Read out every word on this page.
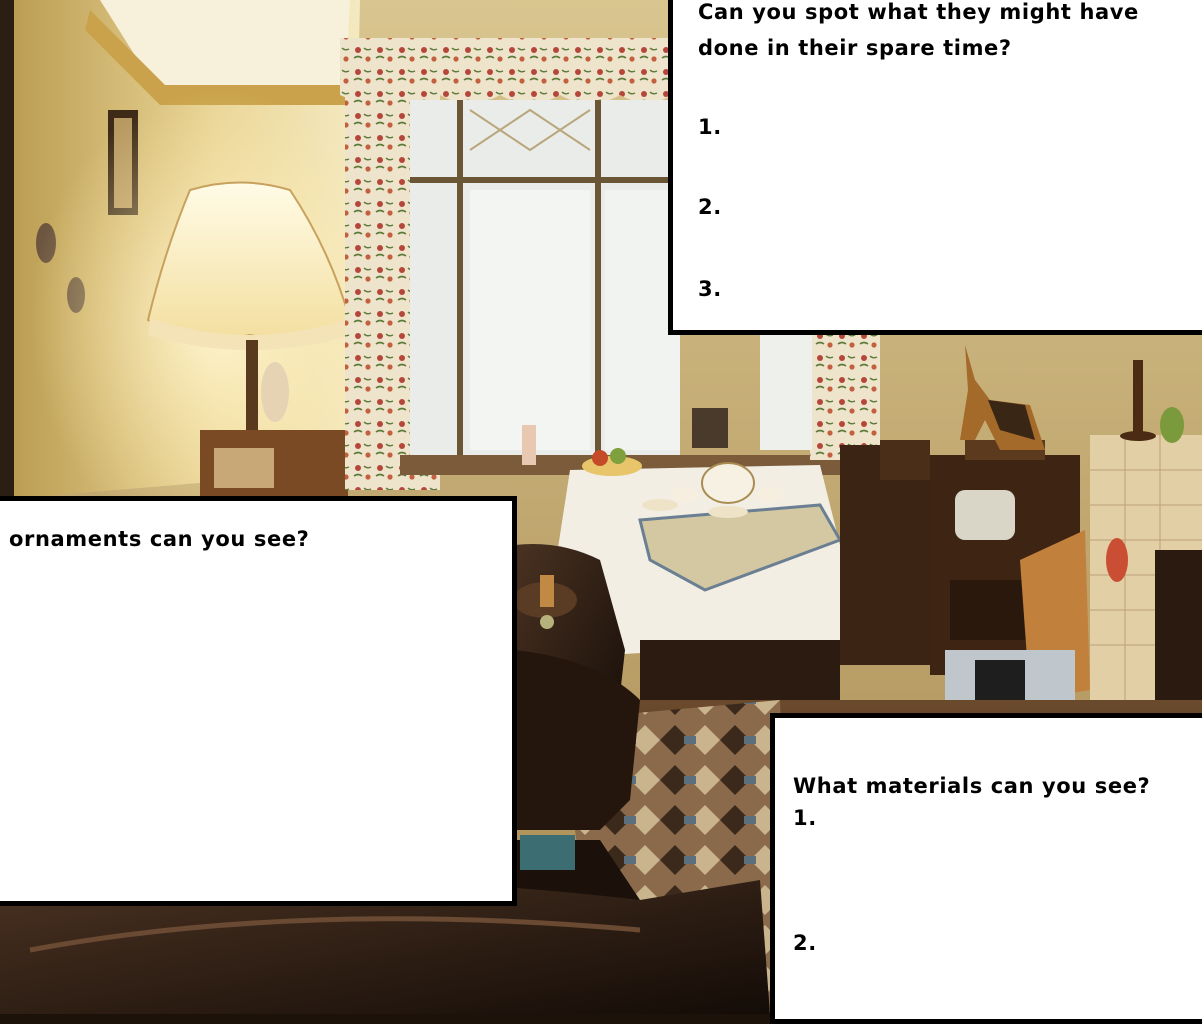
Can you spot what they might have
done in their spare time?
1.
2.
3.
ornaments can you see?
What materials can you see?
1.
2.
